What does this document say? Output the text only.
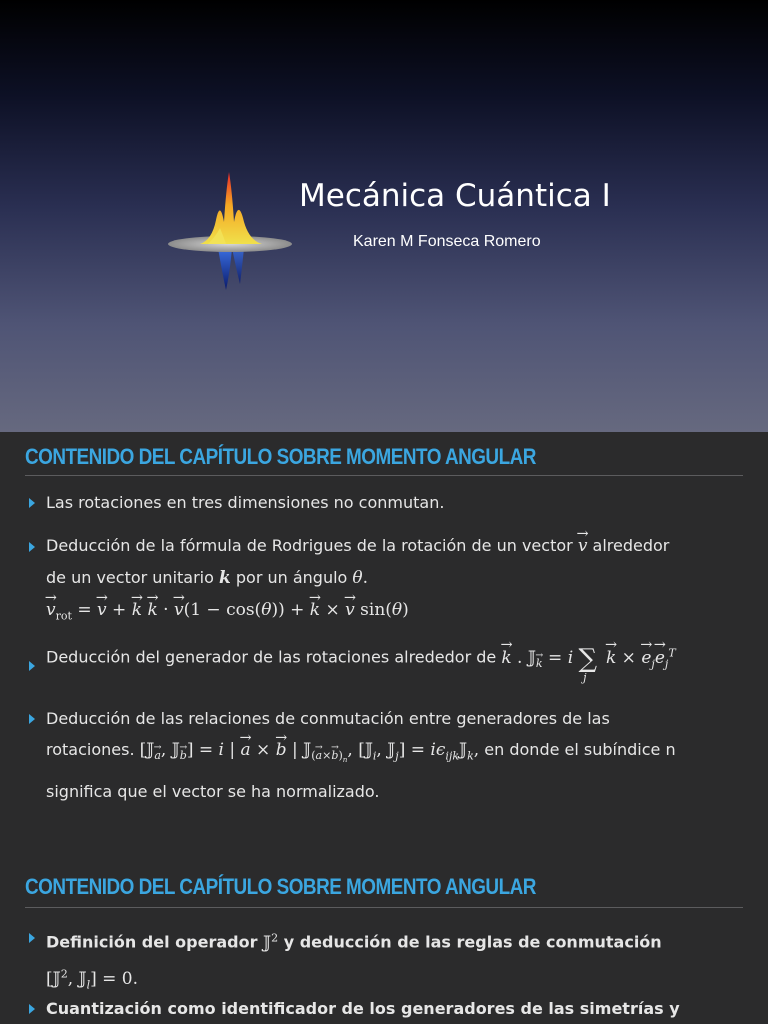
Mecánica Cuántica I
Karen M Fonseca Romero
CONTENIDO DEL CAPÍTULO SOBRE MOMENTO ANGULAR
Las rotaciones en tres dimensiones no conmutan.
Deducción de la fórmula de Rodrigues de la rotación de un vector → v alrededor
de un vector unitario k por un ángulo θ.
→ $v_{rot}$ = → v + → k → k · → v(1 − cos(θ)) + → k × → v sin(θ)
Deducción del generador de las rotaciones alrededor de → k . 𝕁→ $_k$ = i $\sum_j \to k$ × → $e_j\to e_j^T$
Deducción de las relaciones de conmutación entre generadores de las
rotaciones. [𝕁→ $_a$, 𝕁→ $_b$] = i | → a × → b | 𝕁$_{(\to a\times\to b)_n}$, [𝕁$_i$, 𝕁$_j$] = $i\epsilon_{ijk}𝕁_k$, en donde el subíndice n
significa que el vector se ha normalizado.
CONTENIDO DEL CAPÍTULO SOBRE MOMENTO ANGULAR
Definición del operador 𝕁$^2$ y deducción de las reglas de conmutación
[𝕁$^2$, 𝕁$_l$] = 0.
Cuantización como identificador de los generadores de las simetrías y
